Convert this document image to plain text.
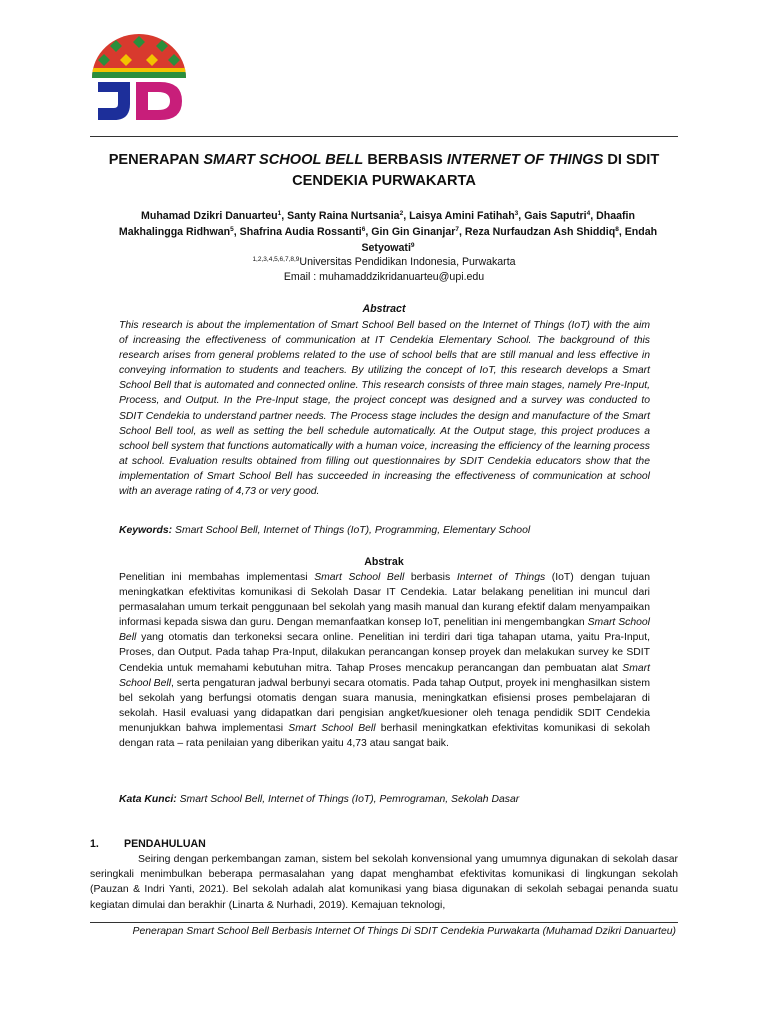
PENERAPAN SMART SCHOOL BELL BERBASIS INTERNET OF THINGS DI SDIT CENDEKIA PURWAKARTA
Muhamad Dzikri Danuarteu$^1$, Santy Raina Nurtsania$^2$, Laisya Amini Fatihah$^3$, Gais Saputri$^4$, Dhaafin Makhalingga Ridhwan$^5$, Shafrina Audia Rossanti$^6$, Gin Gin Ginanjar$^7$, Reza Nurfaudzan Ash Shiddiq$^8$, Endah Setyowati$^9$
$^{1,2,3,4,5,6,7,8,9}$Universitas Pendidikan Indonesia, Purwakarta
Email : muhamaddzikridanuarteu@upi.edu
Abstract
This research is about the implementation of Smart School Bell based on the Internet of Things (IoT) with the aim of increasing the effectiveness of communication at IT Cendekia Elementary School. The background of this research arises from general problems related to the use of school bells that are still manual and less effective in conveying information to students and teachers. By utilizing the concept of IoT, this research develops a Smart School Bell that is automated and connected online. This research consists of three main stages, namely Pre-Input, Process, and Output. In the Pre-Input stage, the project concept was designed and a survey was conducted to SDIT Cendekia to understand partner needs. The Process stage includes the design and manufacture of the Smart School Bell tool, as well as setting the bell schedule automatically. At the Output stage, this project produces a school bell system that functions automatically with a human voice, increasing the efficiency of the learning process at school. Evaluation results obtained from filling out questionnaires by SDIT Cendekia educators show that the implementation of Smart School Bell has succeeded in increasing the effectiveness of communication at school with an average rating of 4,73 or very good.
Keywords: Smart School Bell, Internet of Things (IoT), Programming, Elementary School
Abstrak
Penelitian ini membahas implementasi Smart School Bell berbasis Internet of Things (IoT) dengan tujuan meningkatkan efektivitas komunikasi di Sekolah Dasar IT Cendekia. Latar belakang penelitian ini muncul dari permasalahan umum terkait penggunaan bel sekolah yang masih manual dan kurang efektif dalam menyampaikan informasi kepada siswa dan guru. Dengan memanfaatkan konsep IoT, penelitian ini mengembangkan Smart School Bell yang otomatis dan terkoneksi secara online. Penelitian ini terdiri dari tiga tahapan utama, yaitu Pra-Input, Proses, dan Output. Pada tahap Pra-Input, dilakukan perancangan konsep proyek dan melakukan survey ke SDIT Cendekia untuk memahami kebutuhan mitra. Tahap Proses mencakup perancangan dan pembuatan alat Smart School Bell, serta pengaturan jadwal berbunyi secara otomatis. Pada tahap Output, proyek ini menghasilkan sistem bel sekolah yang berfungsi otomatis dengan suara manusia, meningkatkan efisiensi proses pembelajaran di sekolah. Hasil evaluasi yang didapatkan dari pengisian angket/kuesioner oleh tenaga pendidik SDIT Cendekia menunjukkan bahwa implementasi Smart School Bell berhasil meningkatkan efektivitas komunikasi di sekolah dengan rata – rata penilaian yang diberikan yaitu 4,73 atau sangat baik.
Kata Kunci: Smart School Bell, Internet of Things (IoT), Pemrograman, Sekolah Dasar
1. PENDAHULUAN
Seiring dengan perkembangan zaman, sistem bel sekolah konvensional yang umumnya digunakan di sekolah dasar seringkali menimbulkan beberapa permasalahan yang dapat menghambat efektivitas komunikasi di lingkungan sekolah (Pauzan & Indri Yanti, 2021). Bel sekolah adalah alat komunikasi yang biasa digunakan di sekolah sebagai penanda suatu kegiatan dimulai dan berakhir (Linarta & Nurhadi, 2019). Kemajuan teknologi,
Penerapan Smart School Bell Berbasis Internet Of Things Di SDIT Cendekia Purwakarta (Muhamad Dzikri Danuarteu)
